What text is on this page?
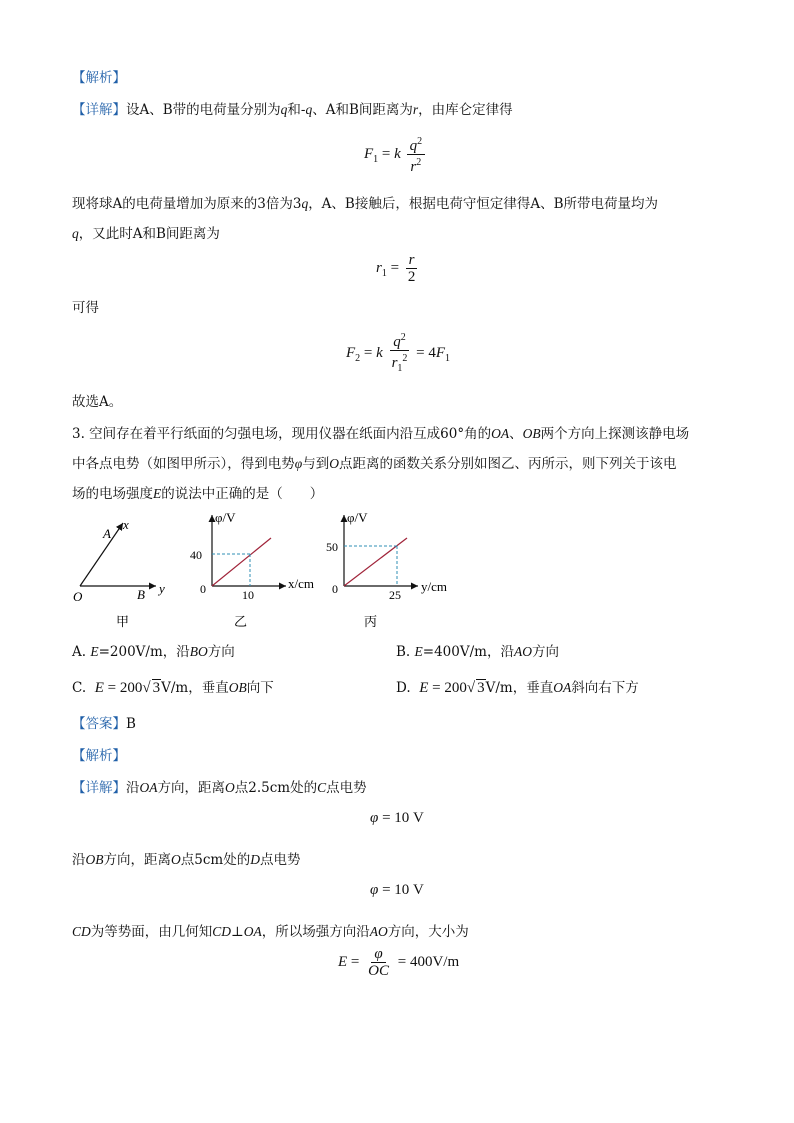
【解析】
【详解】设A、B带的电荷量分别为q和-q、A和B间距离为r，由库仑定律得
$F_1 = k \frac{q^2}{r^2}$
现将球A的电荷量增加为原来的3倍为3q，A、B接触后，根据电荷守恒定律得A、B所带电荷量均为
q，又此时A和B间距离为
$r_1 = \frac{r}{2}$
可得
$F_2 = k \frac{q^2}{r_1^2} = 4F_1$
故选A。
3. 空间存在着平行纸面的匀强电场，现用仪器在纸面内沿互成60°角的OA、OB两个方向上探测该静电场
中各点电势（如图甲所示），得到电势φ与到O点距离的函数关系分别如图乙、丙所示，则下列关于该电
场的电场强度E的说法中正确的是（　　）
A
x
O	B y
甲
φ/V
x/cm
40
10
0
乙
φ/V
y/cm
50
25
0
丙
A. E=200V/m，沿BO方向	B. E=400V/m，沿AO方向
C. E = 200√ 3V/m，垂直OB向下	D. E = 200√ 3V/m，垂直OA斜向右下方
【答案】B
【解析】
【详解】沿OA方向，距离O点2.5cm处的C点电势
φ = 10 V
沿OB方向，距离O点5cm处的D点电势
φ = 10 V
CD为等势面，由几何知CD⊥OA，所以场强方向沿AO方向，大小为
$E = \frac{\varphi}{OC} = 400V/m$
